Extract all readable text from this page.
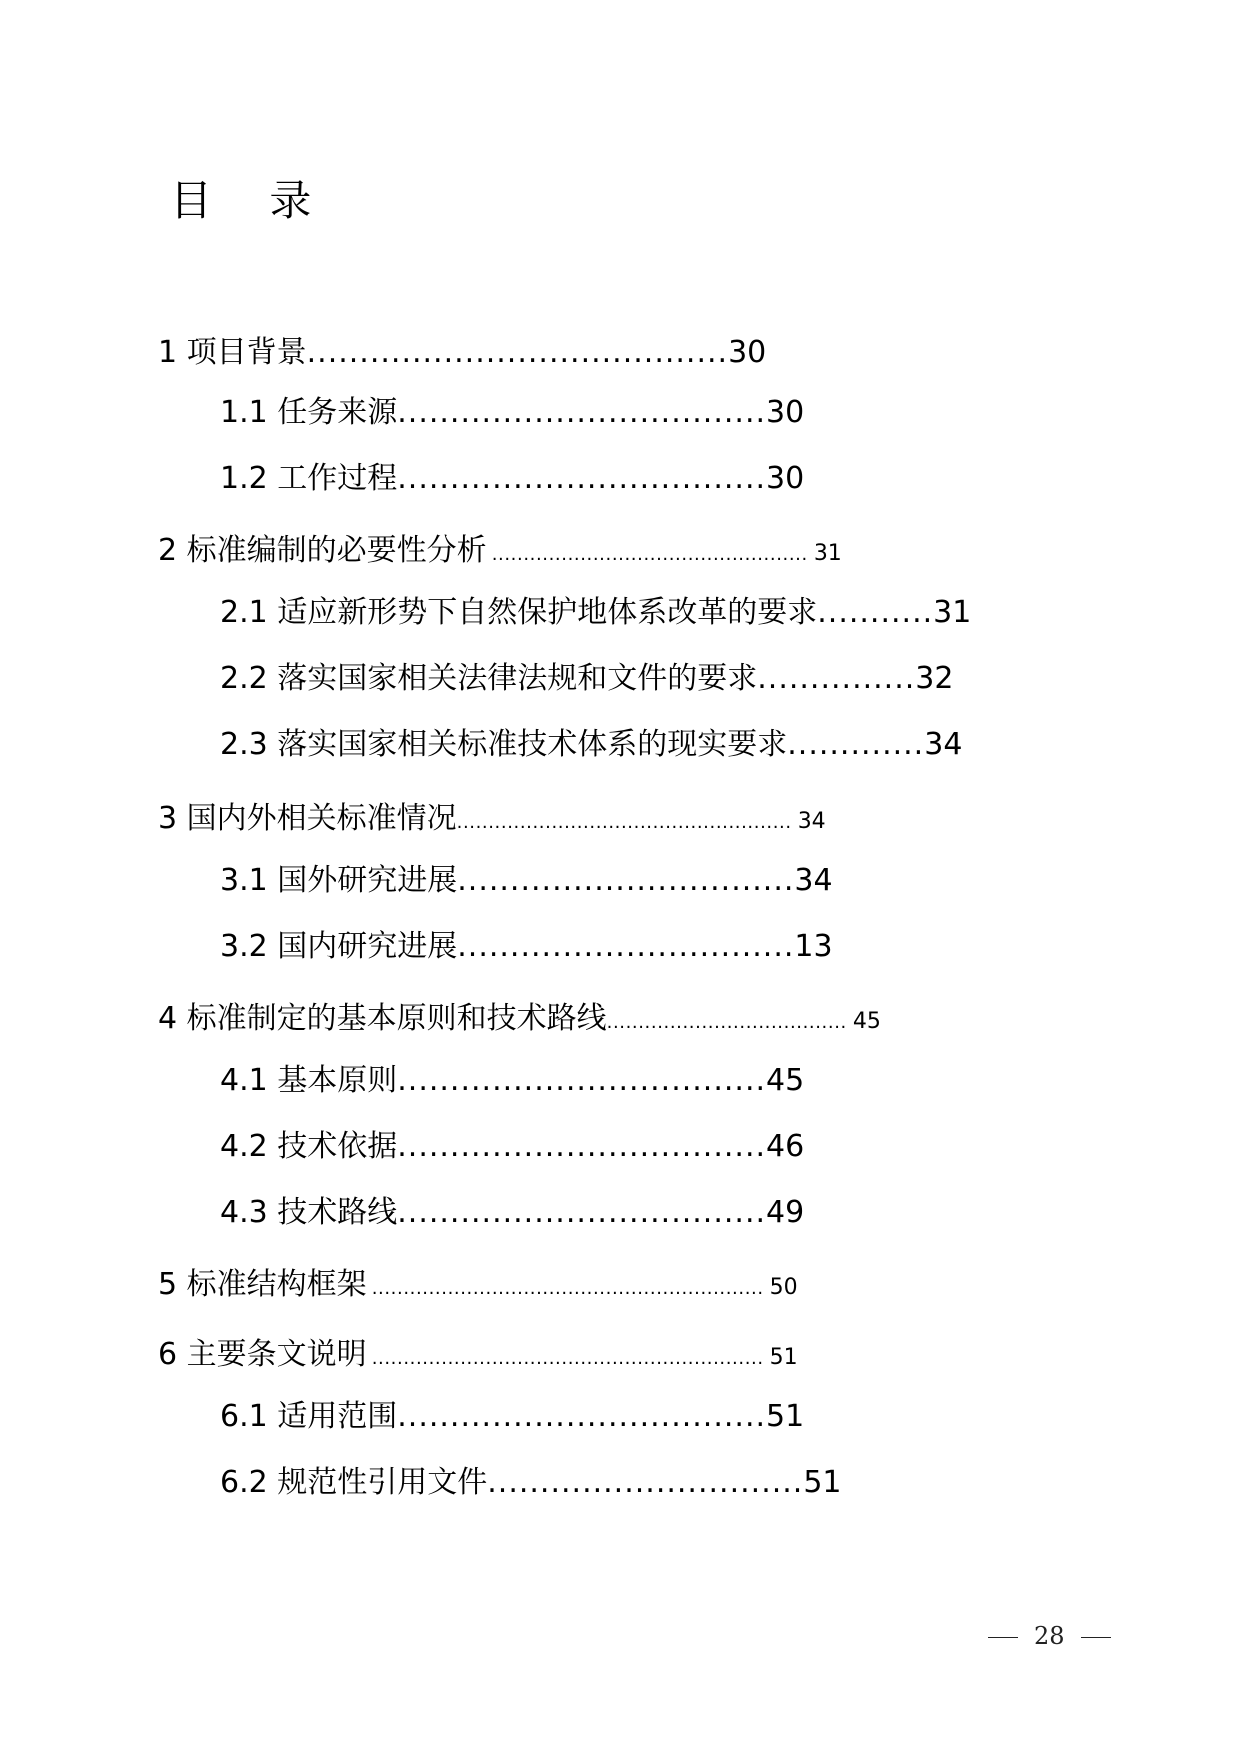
目 录
1 项目背景........................................30
1.1 任务来源...................................30
1.2 工作过程...................................30
2 标准编制的必要性分析 .................................................. 31
2.1 适应新形势下自然保护地体系改革的要求...........31
2.2 落实国家相关法律法规和文件的要求...............32
2.3 落实国家相关标准技术体系的现实要求.............34
3 国内外相关标准情况..................................................... 34
3.1 国外研究进展................................34
3.2 国内研究进展................................13
4 标准制定的基本原则和技术路线...................................... 45
4.1 基本原则...................................45
4.2 技术依据...................................46
4.3 技术路线...................................49
5 标准结构框架 .............................................................. 50
6 主要条文说明 .............................................................. 51
6.1 适用范围...................................51
6.2 规范性引用文件..............................51
28
